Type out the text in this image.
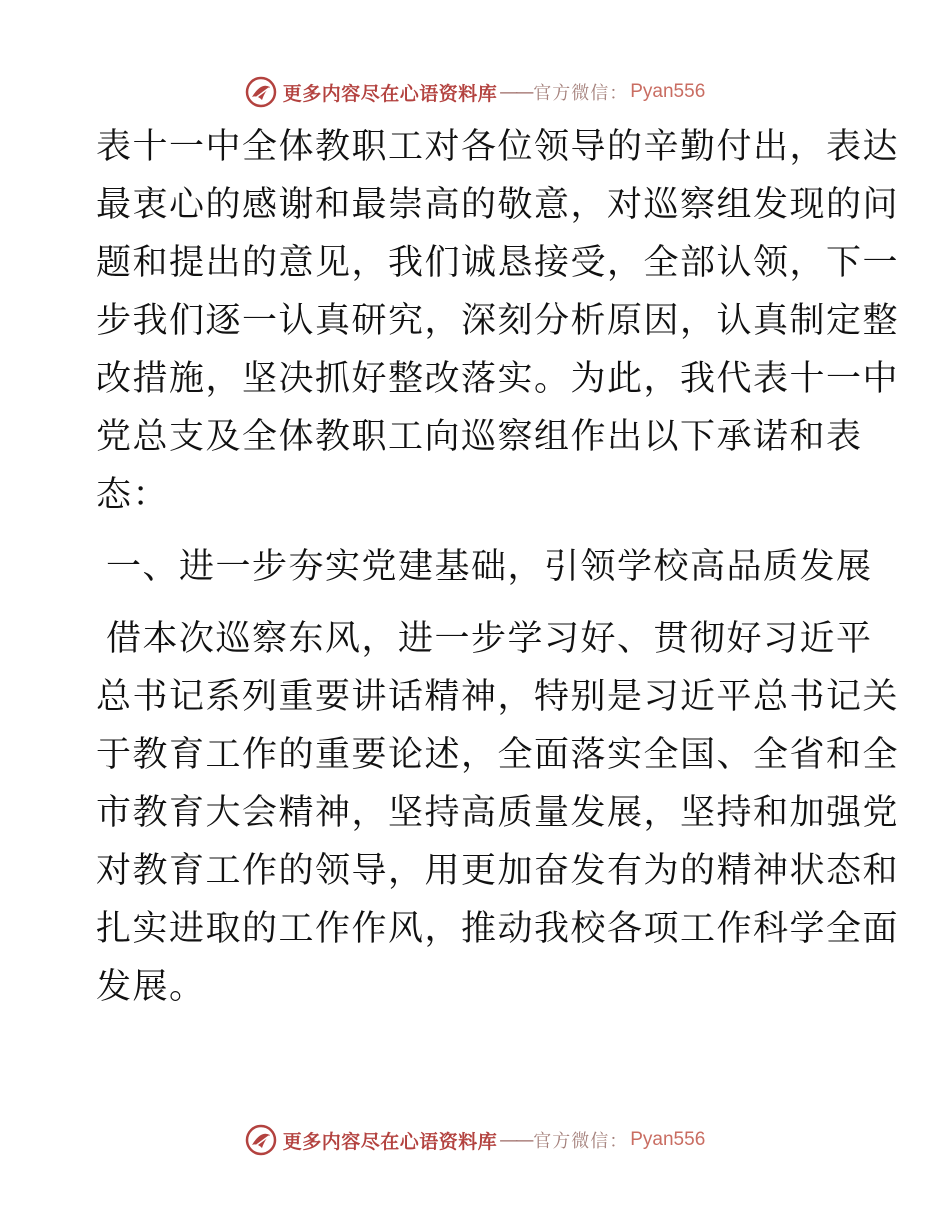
更多内容尽在心语资料库 —— 官方微信： Pyan556
表十一中全体教职工对各位领导的辛勤付出，表达
最衷心的感谢和最崇高的敬意，对巡察组发现的问
题和提出的意见，我们诚恳接受，全部认领，下一
步我们逐一认真研究，深刻分析原因，认真制定整
改措施，坚决抓好整改落实。为此，我代表十一中
党总支及全体教职工向巡察组作出以下承诺和表
态：
一、进一步夯实党建基础，引领学校高品质发展
借本次巡察东风，进一步学习好、贯彻好习近平
总书记系列重要讲话精神，特别是习近平总书记关
于教育工作的重要论述，全面落实全国、全省和全
市教育大会精神，坚持高质量发展，坚持和加强党
对教育工作的领导，用更加奋发有为的精神状态和
扎实进取的工作作风，推动我校各项工作科学全面
发展。
更多内容尽在心语资料库 —— 官方微信： Pyan556
